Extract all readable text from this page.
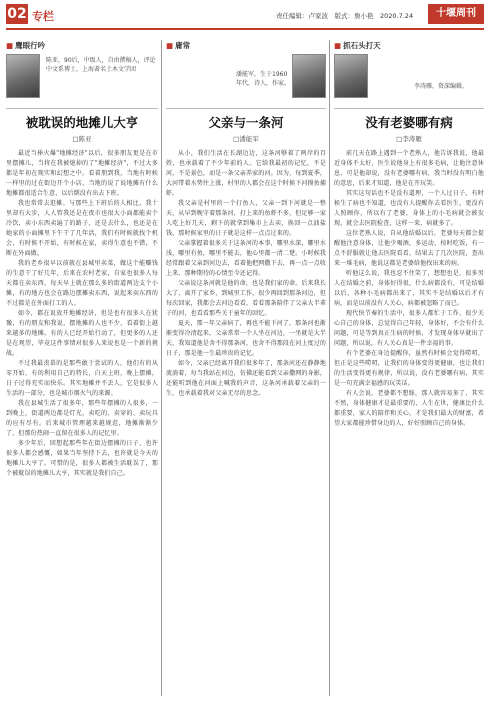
02 专栏	责任编辑：卢家波　版式：詹小艳　2020.7.24	十堰周刊
■ 鹰眼行吟
陈亚，90后，中级人，自由撰稿人，评论中文系博士，上海著名土木文学团
被耽误的地摊儿大亨
□陈亚

最近当捧火爆"地摊经济"以后，很多朋友更是在市里摆摊儿，当将在我被熄掉的了"地摊经济"，不过大多都是年初在现实和幻想之中。看着朋到我，当地有时候一样里的过在街边开个小店，当地的说了说地摊有什么地摊都很适合生意，以后倒没有出去下班。

我也常常去逛摊。与那些上下班后的人相比，我十里却有大步，人人管我还是在夜市也很大小面都能卖个冷饮，卖小东西卖遍了的路子，还是去什么，也还是在她家的小面摊里下午干了几年活，我们有时候就找个机会，有时候不开始，有时候在家，卖得生意也不错，不断在外面做。

我的老乡很早以前就在县城里卖菜，做这个能赚钱的生意干了好几年，后来在农村老家，自家也很多人每天都在卖东西，每天早上就在那么多的街道两边支个小摊，有的地方也会在路边摆摊卖东西，说起来卖东西的不过都是在外面打工的人。

如今，都在说放开地摊经济，但是也有很多人在犹豫，有的朋友和我说，摆地摊的人也不少，看着街上越来越多的地摊，有的人已经开始行动了，但更多的人还是在观望，毕竟这件事情对很多人来说也是一个新的挑战。

不过我最羡慕的是那些敢于尝试的人，他们有的从零开始，有的利用自己的特长，白天上班，晚上摆摊，日子过得充实而快乐。其实地摊并不丢人，它是很多人生活的一部分，也是城市烟火气的来源。

我在县城生活了很多年，那些年摆摊的人很多，一到晚上，街道两边都是灯光，卖吃的、卖穿的、卖玩具的应有尽有。后来城市管理越来越规范，地摊渐渐少了，但那份热闹一直留在很多人的记忆里。

多少年后，回想起那些年在街边摆摊的日子，也许很多人都会感慨，如果当年坚持下去，也许就是今天的地摊儿大亨了。可惜的是，很多人都被生活耽误了，那个被耽误的地摊儿大亨，其实就是我们自己。

■ 庸常
潘能军，生于1960年代，诗人，作家。
父亲与一条河
□潘能军

从小，我们生活在长湖边边，这条河够着了两岸的百姓，也承载着了不少年前的人。它给我最初的记忆，不是河，不是景色，而是一条父亲养家的河。因为，每到夏季，大河带着水势往上涨，村里的人都会在这个时候下河摸鱼捕虾。

我父亲是村里的一个打鱼人，父亲一到下河就是一整天，从早到晚守着那条河，打上来的鱼虾不多，但足够一家人吃上好几天，剩下的就拿到集市上去卖，换回一点油盐钱，那时候家里的日子就是这样一点点过来的。

父亲掌握着很多关于这条河的本事，哪里水深，哪里水浅，哪里有鱼，哪里不能去，他心里都一清二楚。小时候我经常跟着父亲到河边去，看着他把网撒下去，再一点一点收上来，那种期待的心情至今还记得。

父亲说这条河就是他的命，也是我们家的命。后来我长大了，离开了家乡，到城里工作，很少再回到那条河边，但每次回家，我都会去河边看看，看看那条陪伴了父亲大半辈子的河，也看看那些关于童年的回忆。

夏天，那一年父亲病了，再也不能下河了，那条河也渐渐变得冷清起来，父亲常常一个人坐在河边，一坐就是大半天，我知道他是舍不得那条河，也舍不得那段在河上度过的日子，那是他一生最珍贵的记忆。

如今，父亲已经离开我们很多年了，那条河还在静静地流淌着，每当我站在河边，仿佛还能看到父亲撒网的身影，还能听到他在河面上喊我的声音，这条河承载着父亲的一生，也承载着我对父亲无尽的思念。

■ 抓石头打天
李涛雁，资深编辑。
没有老婆哪有病
□李涛雁

前几天在路上遇到一个老熟人，他告诉我说，他最近身体不太好，医生说他身上有很多毛病，让他注意休息，可是他却说，没有老婆哪有病，我当时没有明白他的意思，后来才知道，他是在开玩笑。

其实这句话也不是没有道理，一个人过日子，有时候生了病也不知道，也没有人提醒你去看医生，更没有人照顾你，所以有了老婆，身体上的小毛病就会被发现，就会去医院检查，这样一来，病就多了。

这位老熟人说，自从他结婚以后，老婆每天都会提醒他注意身体，让他少喝酒，多运动，按时吃饭，有一点不舒服就让他去医院看看，结果去了几次医院，查出来一堆毛病，他说这都是老婆给他找出来的病。

听他这么说，我也忍不住笑了，想想也是，很多男人在结婚之前，身体好得很，什么病都没有，可是结婚以后，各种小毛病都出来了，其实不是结婚以后才有病，而是以前没有人关心，病都被忽略了而已。

现代快节奏的生活中，很多人都忙于工作，很少关心自己的身体，总觉得自己年轻，身体好，不会有什么问题，可是等到真正生病的时候，才发现身体早就出了问题，所以说，有人关心真是一件幸福的事。

有个老婆在身边提醒你，虽然有时候会觉得唠叨，但正是这些唠叨，让我们的身体变得更健康，也让我们的生活变得更有规律，所以说，没有老婆哪有病，其实是一句充满幸福感的玩笑话。

有人会说，老婆都不想嫁，那人就容易多了，其实不然，身体健康才是最重要的，人生在世，健康比什么都重要，家人的陪伴和关心，才是我们最大的财富，希望大家都能珍惜身边的人，好好照顾自己的身体。
